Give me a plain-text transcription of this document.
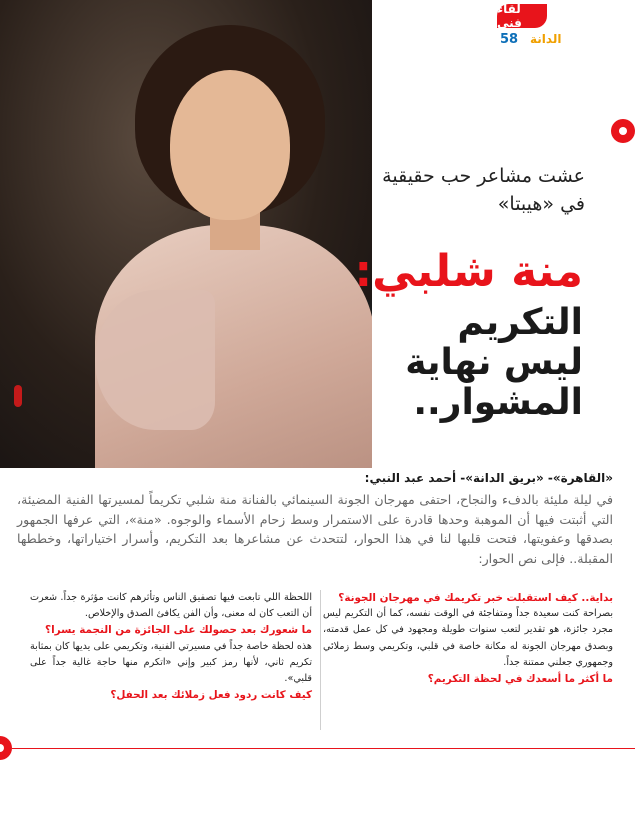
لقاء فني
الدانة
58
عشت مشاعر حب حقيقية
في «هيبتا»
منة شلبي:
التكريم
ليس نهاية
المشوار..
«القاهرة»- «بريق الدانة»- أحمد عبد النبي:
في ليلة مليئة بالدفء والنجاح، احتفى مهرجان الجونة السينمائي بالفنانة منة شلبي تكريماً لمسيرتها الفنية المضيئة، التي أثبتت فيها أن الموهبة وحدها قادرة على الاستمرار وسط زحام الأسماء والوجوه. «منة»، التي عرفها الجمهور بصدقها وعفويتها، فتحت قلبها لنا في هذا الحوار، لتتحدث عن مشاعرها بعد التكريم، وأسرار اختياراتها، وخططها المقبلة.. فإلى نص الحوار:
بداية.. كيف استقبلت خبر تكريمك في مهرجان الجونة؟
بصراحة كنت سعيدة جداً ومتفاجئة في الوقت نفسه، كما أن التكريم ليس مجرد جائزة، هو تقدير لتعب سنوات طويلة ومجهود في كل عمل قدمته، وبصدق مهرجان الجونة له مكانة خاصة في قلبي، وتكريمي وسط زملائي وجمهوري جعلني ممتنة جداً.
ما أكثر ما أسعدك في لحظة التكريم؟
اللحظة اللي تابعت فيها تصفيق الناس وتأثرهم كانت مؤثرة جداً. شعرت أن التعب كان له معنى، وأن الفن يكافئ الصدق والإخلاص.
ما شعورك بعد حصولك على الجائزة من النجمة يسرا؟
هذه لحظة خاصة جداً في مسيرتي الفنية، وتكريمي على يديها كان بمثابة تكريم ثاني، لأنها رمز كبير وإني «اتكرم منها حاجة غالية جداً على قلبي».
كيف كانت ردود فعل زملائك بعد الحفل؟
